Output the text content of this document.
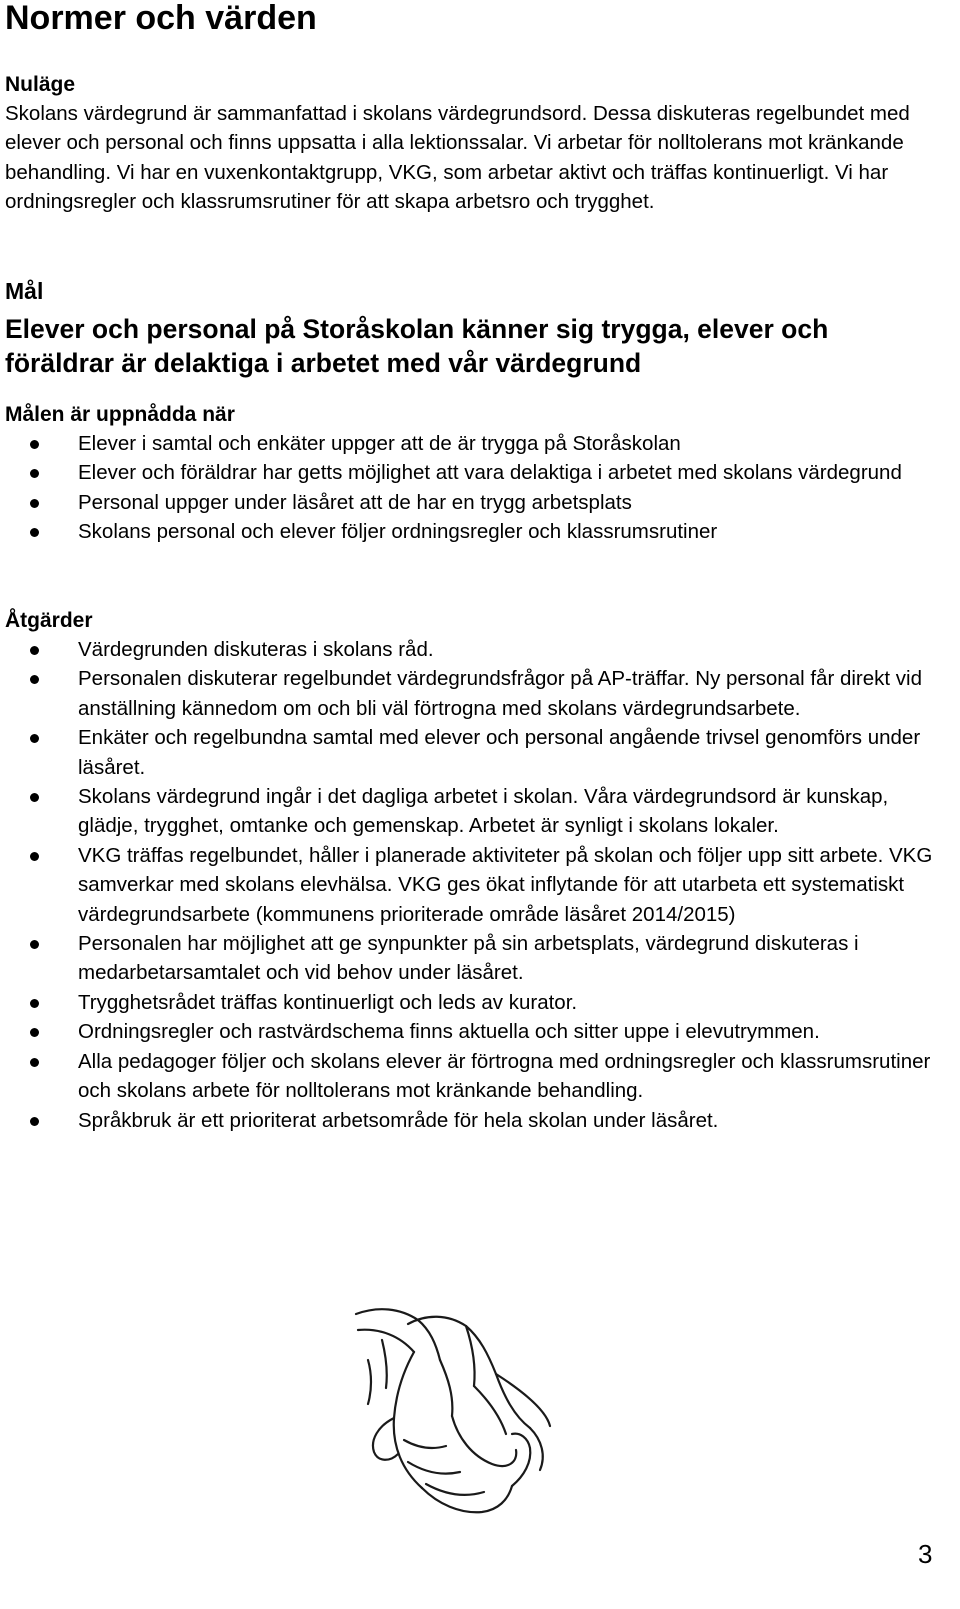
Normer och värden
Nuläge

Skolans värdegrund är sammanfattad i skolans värdegrundsord. Dessa diskuteras regelbundet med elever och personal och finns uppsatta i alla lektionssalar. Vi arbetar för nolltolerans mot kränkande behandling. Vi har en vuxenkontaktgrupp, VKG, som arbetar aktivt och träffas kontinuerligt. Vi har ordningsregler och klassrumsrutiner för att skapa arbetsro och trygghet.

Mål

Elever och personal på Storåskolan känner sig trygga, elever och föräldrar är delaktiga i arbetet med vår värdegrund

Målen är uppnådda när
Elever i samtal och enkäter uppger att de är trygga på Storåskolan
Elever och föräldrar har getts möjlighet att vara delaktiga i arbetet med skolans värdegrund
Personal uppger under läsåret att de har en trygg arbetsplats
Skolans personal och elever följer ordningsregler och klassrumsrutiner
Åtgärder
Värdegrunden diskuteras i skolans råd.
Personalen diskuterar regelbundet värdegrundsfrågor på AP-träffar. Ny personal får direkt vid anställning kännedom om och bli väl förtrogna med skolans värdegrundsarbete.
Enkäter och regelbundna samtal med elever och personal angående trivsel genomförs under läsåret.
Skolans värdegrund ingår i det dagliga arbetet i skolan. Våra värdegrundsord är kunskap, glädje, trygghet, omtanke och gemenskap. Arbetet är synligt i skolans lokaler.
VKG träffas regelbundet, håller i planerade aktiviteter på skolan och följer upp sitt arbete. VKG samverkar med skolans elevhälsa. VKG ges ökat inflytande för att utarbeta ett systematiskt värdegrundsarbete (kommunens prioriterade område läsåret 2014/2015)
Personalen har möjlighet att ge synpunkter på sin arbetsplats, värdegrund diskuteras i medarbetarsamtalet och vid behov under läsåret.
Trygghetsrådet träffas kontinuerligt och leds av kurator.
Ordningsregler och rastvärdschema finns aktuella och sitter uppe i elevutrymmen.
Alla pedagoger följer och skolans elever är förtrogna med ordningsregler och klassrumsrutiner och skolans arbete för nolltolerans mot kränkande behandling.
Språkbruk är ett prioriterat arbetsområde för hela skolan under läsåret.
3
